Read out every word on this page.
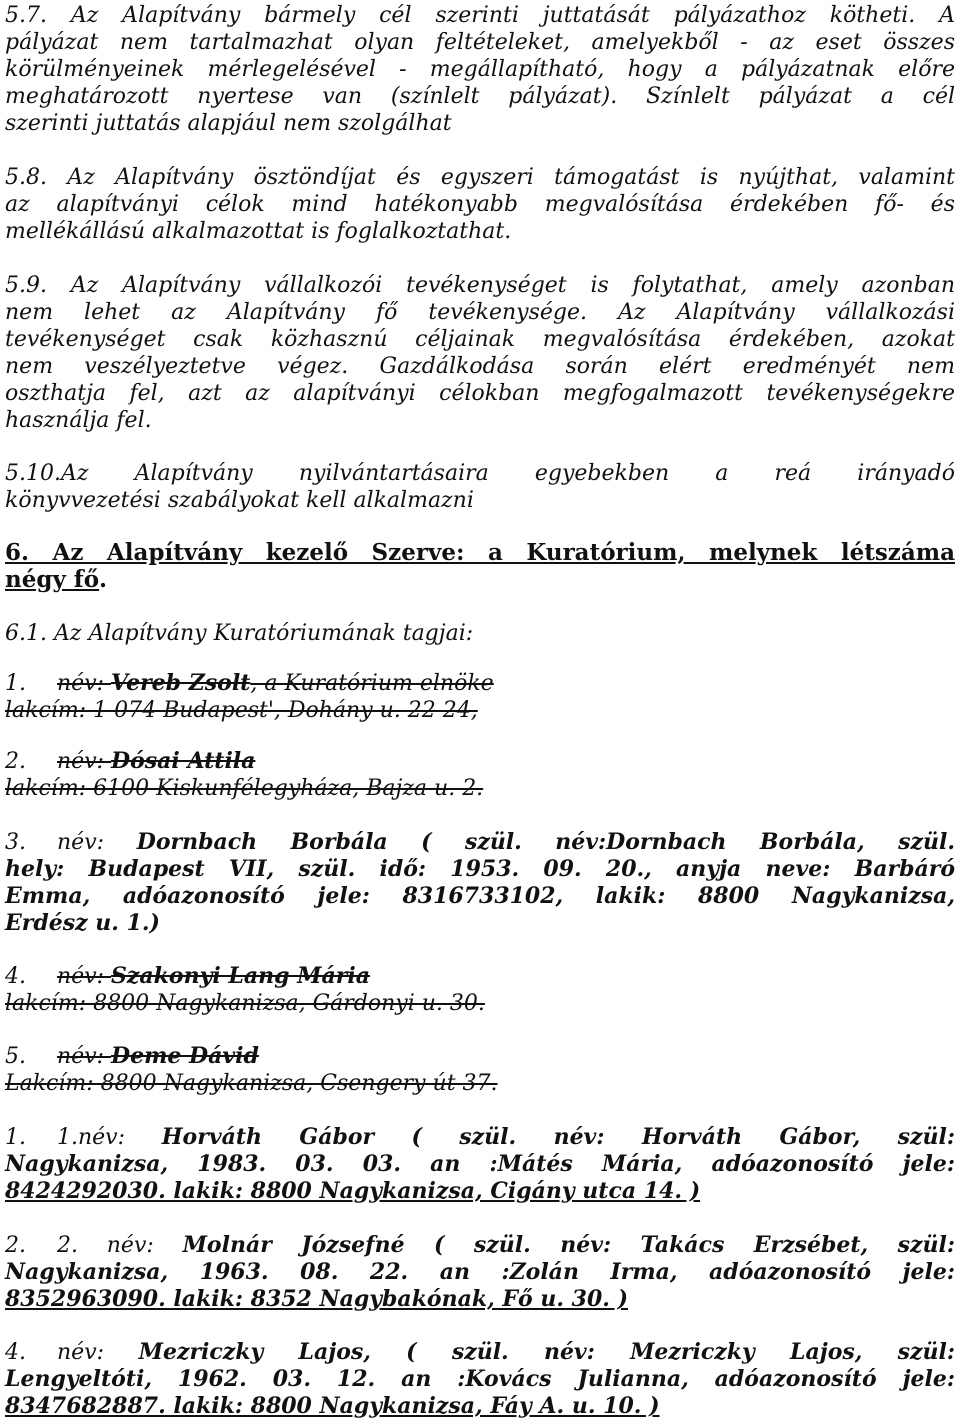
5.7. Az Alapítvány bármely cél szerinti juttatását pályázathoz kötheti. A
pályázat nem tartalmazhat olyan feltételeket, amelyekből - az eset összes
körülményeinek mérlegelésével - megállapítható, hogy a pályázatnak előre
meghatározott nyertese van (színlelt pályázat). Színlelt pályázat a cél
szerinti juttatás alapjául nem szolgálhat
5.8. Az Alapítvány ösztöndíjat és egyszeri támogatást is nyújthat, valamint
az alapítványi célok mind hatékonyabb megvalósítása érdekében fő- és
mellékállású alkalmazottat is foglalkoztathat.
5.9. Az Alapítvány vállalkozói tevékenységet is folytathat, amely azonban
nem lehet az Alapítvány fő tevékenysége. Az Alapítvány vállalkozási
tevékenységet csak közhasznú céljainak megvalósítása érdekében, azokat
nem veszélyeztetve végez. Gazdálkodása során elért eredményét nem
oszthatja fel, azt az alapítványi célokban megfogalmazott tevékenységekre
használja fel.
5.10.Az Alapítvány nyilvántartásaira egyebekben a reá irányadó
könyvvezetési szabályokat kell alkalmazni
6. Az Alapítvány kezelő Szerve: a Kuratórium, melynek létszáma
négy fő.
6.1. Az Alapítvány Kuratóriumának tagjai:
1. név: Vereb Zsolt, a Kuratórium elnöke
lakcím: 1 074 Budapest', Dohány u. 22 24,
2. név: Dósai Attila
lakcím: 6100 Kiskunfélegyháza, Bajza u. 2.
3. név: Dornbach Borbála ( szül. név:Dornbach Borbála, szül.
hely: Budapest VII, szül. idő: 1953. 09. 20., anyja neve: Barbáró
Emma, adóazonosító jele: 8316733102, lakik: 8800 Nagykanizsa,
Erdész u. 1.)
4. név: Szakonyi Lang Mária
lakcím: 8800 Nagykanizsa, Gárdonyi u. 30.
5. név: Deme Dávid
Lakcím: 8800 Nagykanizsa, Csengery út 37.
1. 1.név: Horváth Gábor ( szül. név: Horváth Gábor, szül:
Nagykanizsa, 1983. 03. 03. an :Mátés Mária, adóazonosító jele:
8424292030. lakik: 8800 Nagykanizsa, Cigány utca 14. )
2. 2. név: Molnár Józsefné ( szül. név: Takács Erzsébet, szül:
Nagykanizsa, 1963. 08. 22. an :Zolán Irma, adóazonosító jele:
8352963090. lakik: 8352 Nagybakónak, Fő u. 30. )
4. név: Mezriczky Lajos, ( szül. név: Mezriczky Lajos, szül:
Lengyeltóti, 1962. 03. 12. an :Kovács Julianna, adóazonosító jele:
8347682887. lakik: 8800 Nagykanizsa, Fáy A. u. 10. )
